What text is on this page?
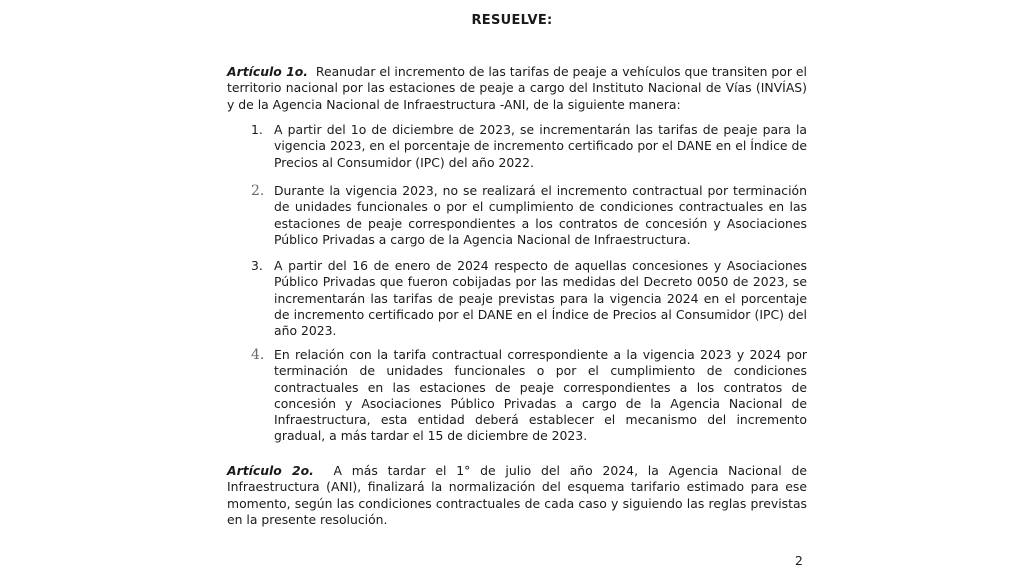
RESUELVE:

Artículo 1o. Reanudar el incremento de las tarifas de peaje a vehículos que transiten por el territorio nacional por las estaciones de peaje a cargo del Instituto Nacional de Vías (INVÍAS) y de la Agencia Nacional de Infraestructura -ANI, de la siguiente manera:

1. A partir del 1o de diciembre de 2023, se incrementarán las tarifas de peaje para la vigencia 2023, en el porcentaje de incremento certificado por el DANE en el Índice de Precios al Consumidor (IPC) del año 2022.
2. Durante la vigencia 2023, no se realizará el incremento contractual por terminación de unidades funcionales o por el cumplimiento de condiciones contractuales en las estaciones de peaje correspondientes a los contratos de concesión y Asociaciones Público Privadas a cargo de la Agencia Nacional de Infraestructura.
3. A partir del 16 de enero de 2024 respecto de aquellas concesiones y Asociaciones Público Privadas que fueron cobijadas por las medidas del Decreto 0050 de 2023, se incrementarán las tarifas de peaje previstas para la vigencia 2024 en el porcentaje de incremento certificado por el DANE en el Índice de Precios al Consumidor (IPC) del año 2023.
4. En relación con la tarifa contractual correspondiente a la vigencia 2023 y 2024 por terminación de unidades funcionales o por el cumplimiento de condiciones contractuales en las estaciones de peaje correspondientes a los contratos de concesión y Asociaciones Público Privadas a cargo de la Agencia Nacional de Infraestructura, esta entidad deberá establecer el mecanismo del incremento gradual, a más tardar el 15 de diciembre de 2023.

Artículo 2o. A más tardar el 1° de julio del año 2024, la Agencia Nacional de Infraestructura (ANI), finalizará la normalización del esquema tarifario estimado para ese momento, según las condiciones contractuales de cada caso y siguiendo las reglas previstas en la presente resolución.

2
